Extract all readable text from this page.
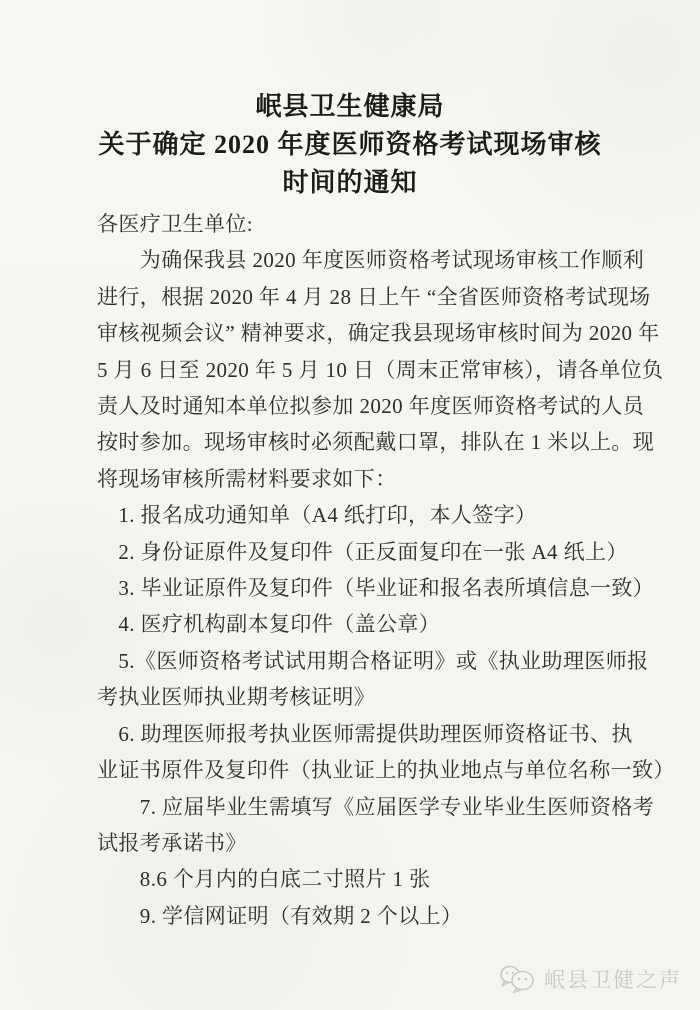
岷县卫生健康局
关于确定 2020 年度医师资格考试现场审核
时间的通知
各医疗卫生单位:
　　为确保我县 2020 年度医师资格考试现场审核工作顺利
进行，根据 2020 年 4 月 28 日上午 “全省医师资格考试现场
审核视频会议” 精神要求，确定我县现场审核时间为 2020 年
5 月 6 日至 2020 年 5 月 10 日（周末正常审核），请各单位负
责人及时通知本单位拟参加 2020 年度医师资格考试的人员
按时参加。现场审核时必须配戴口罩，排队在 1 米以上。现
将现场审核所需材料要求如下：
　1. 报名成功通知单（A4 纸打印，本人签字）
　2. 身份证原件及复印件（正反面复印在一张 A4 纸上）
　3. 毕业证原件及复印件（毕业证和报名表所填信息一致）
　4. 医疗机构副本复印件（盖公章）
　5.《医师资格考试试用期合格证明》或《执业助理医师报
考执业医师执业期考核证明》
　6. 助理医师报考执业医师需提供助理医师资格证书、执
业证书原件及复印件（执业证上的执业地点与单位名称一致）
　　7. 应届毕业生需填写《应届医学专业毕业生医师资格考
试报考承诺书》
　　8.6 个月内的白底二寸照片 1 张
　　9. 学信网证明（有效期 2 个以上）
岷县卫健之声
